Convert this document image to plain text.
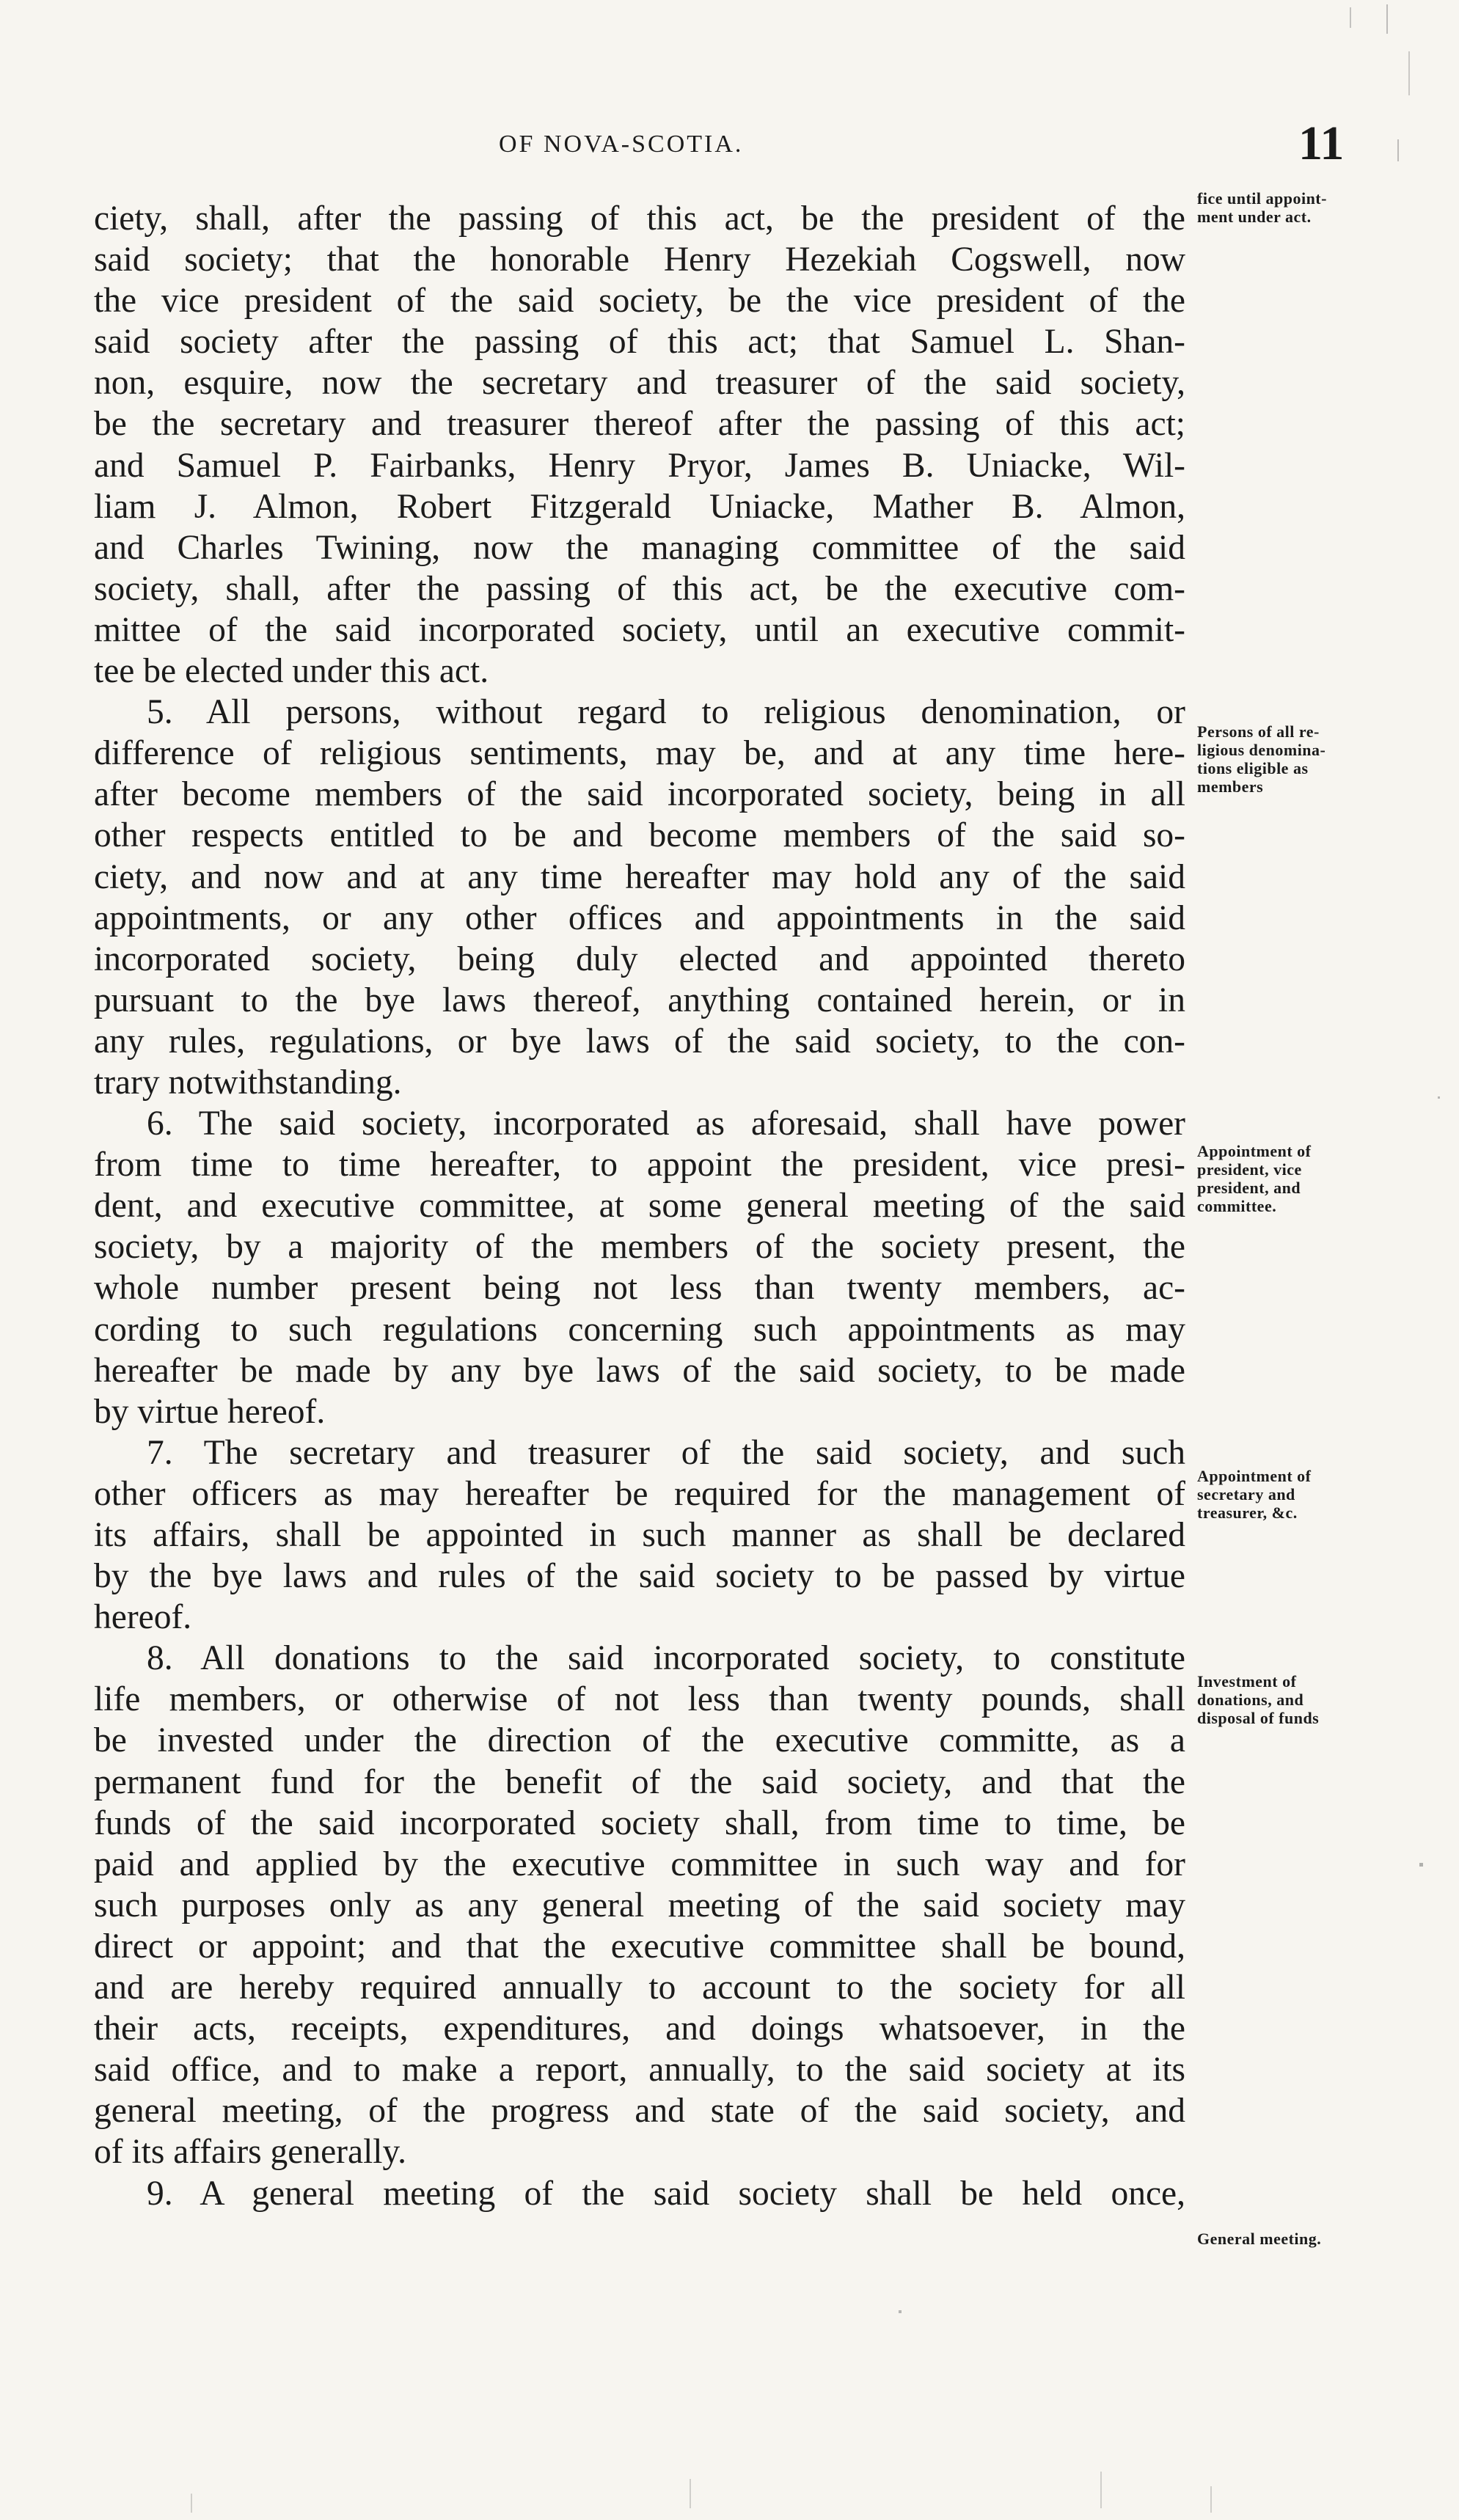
OF NOVA-SCOTIA.	11
ciety, shall, after the passing of this act, be the president of the
said society; that the honorable Henry Hezekiah Cogswell, now
the vice president of the said society, be the vice president of the
said society after the passing of this act; that Samuel L. Shan-
non, esquire, now the secretary and treasurer of the said society,
be the secretary and treasurer thereof after the passing of this act;
and Samuel P. Fairbanks, Henry Pryor, James B. Uniacke, Wil-
liam J. Almon, Robert Fitzgerald Uniacke, Mather B. Almon,
and Charles Twining, now the managing committee of the said
society, shall, after the passing of this act, be the executive com-
mittee of the said incorporated society, until an executive commit-
tee be elected under this act.
5. All persons, without regard to religious denomination, or
difference of religious sentiments, may be, and at any time here-
after become members of the said incorporated society, being in all
other respects entitled to be and become members of the said so-
ciety, and now and at any time hereafter may hold any of the said
appointments, or any other offices and appointments in the said
incorporated society, being duly elected and appointed thereto
pursuant to the bye laws thereof, anything contained herein, or in
any rules, regulations, or bye laws of the said society, to the con-
trary notwithstanding.
6. The said society, incorporated as aforesaid, shall have power
from time to time hereafter, to appoint the president, vice presi-
dent, and executive committee, at some general meeting of the said
society, by a majority of the members of the society present, the
whole number present being not less than twenty members, ac-
cording to such regulations concerning such appointments as may
hereafter be made by any bye laws of the said society, to be made
by virtue hereof.
7. The secretary and treasurer of the said society, and such
other officers as may hereafter be required for the management of
its affairs, shall be appointed in such manner as shall be declared
by the bye laws and rules of the said society to be passed by virtue
hereof.
8. All donations to the said incorporated society, to constitute
life members, or otherwise of not less than twenty pounds, shall
be invested under the direction of the executive committe, as a
permanent fund for the benefit of the said society, and that the
funds of the said incorporated society shall, from time to time, be
paid and applied by the executive committee in such way and for
such purposes only as any general meeting of the said society may
direct or appoint; and that the executive committee shall be bound,
and are hereby required annually to account to the society for all
their acts, receipts, expenditures, and doings whatsoever, in the
said office, and to make a report, annually, to the said society at its
general meeting, of the progress and state of the said society, and
of its affairs generally.
9. A general meeting of the said society shall be held once,
fice until appoint-
ment under act.
Persons of all re-
ligious denomina-
tions eligible as
members
Appointment of
president, vice
president, and
committee.
Appointment of
secretary and
treasurer, &c.
Investment of
donations, and
disposal of funds
General meeting.
